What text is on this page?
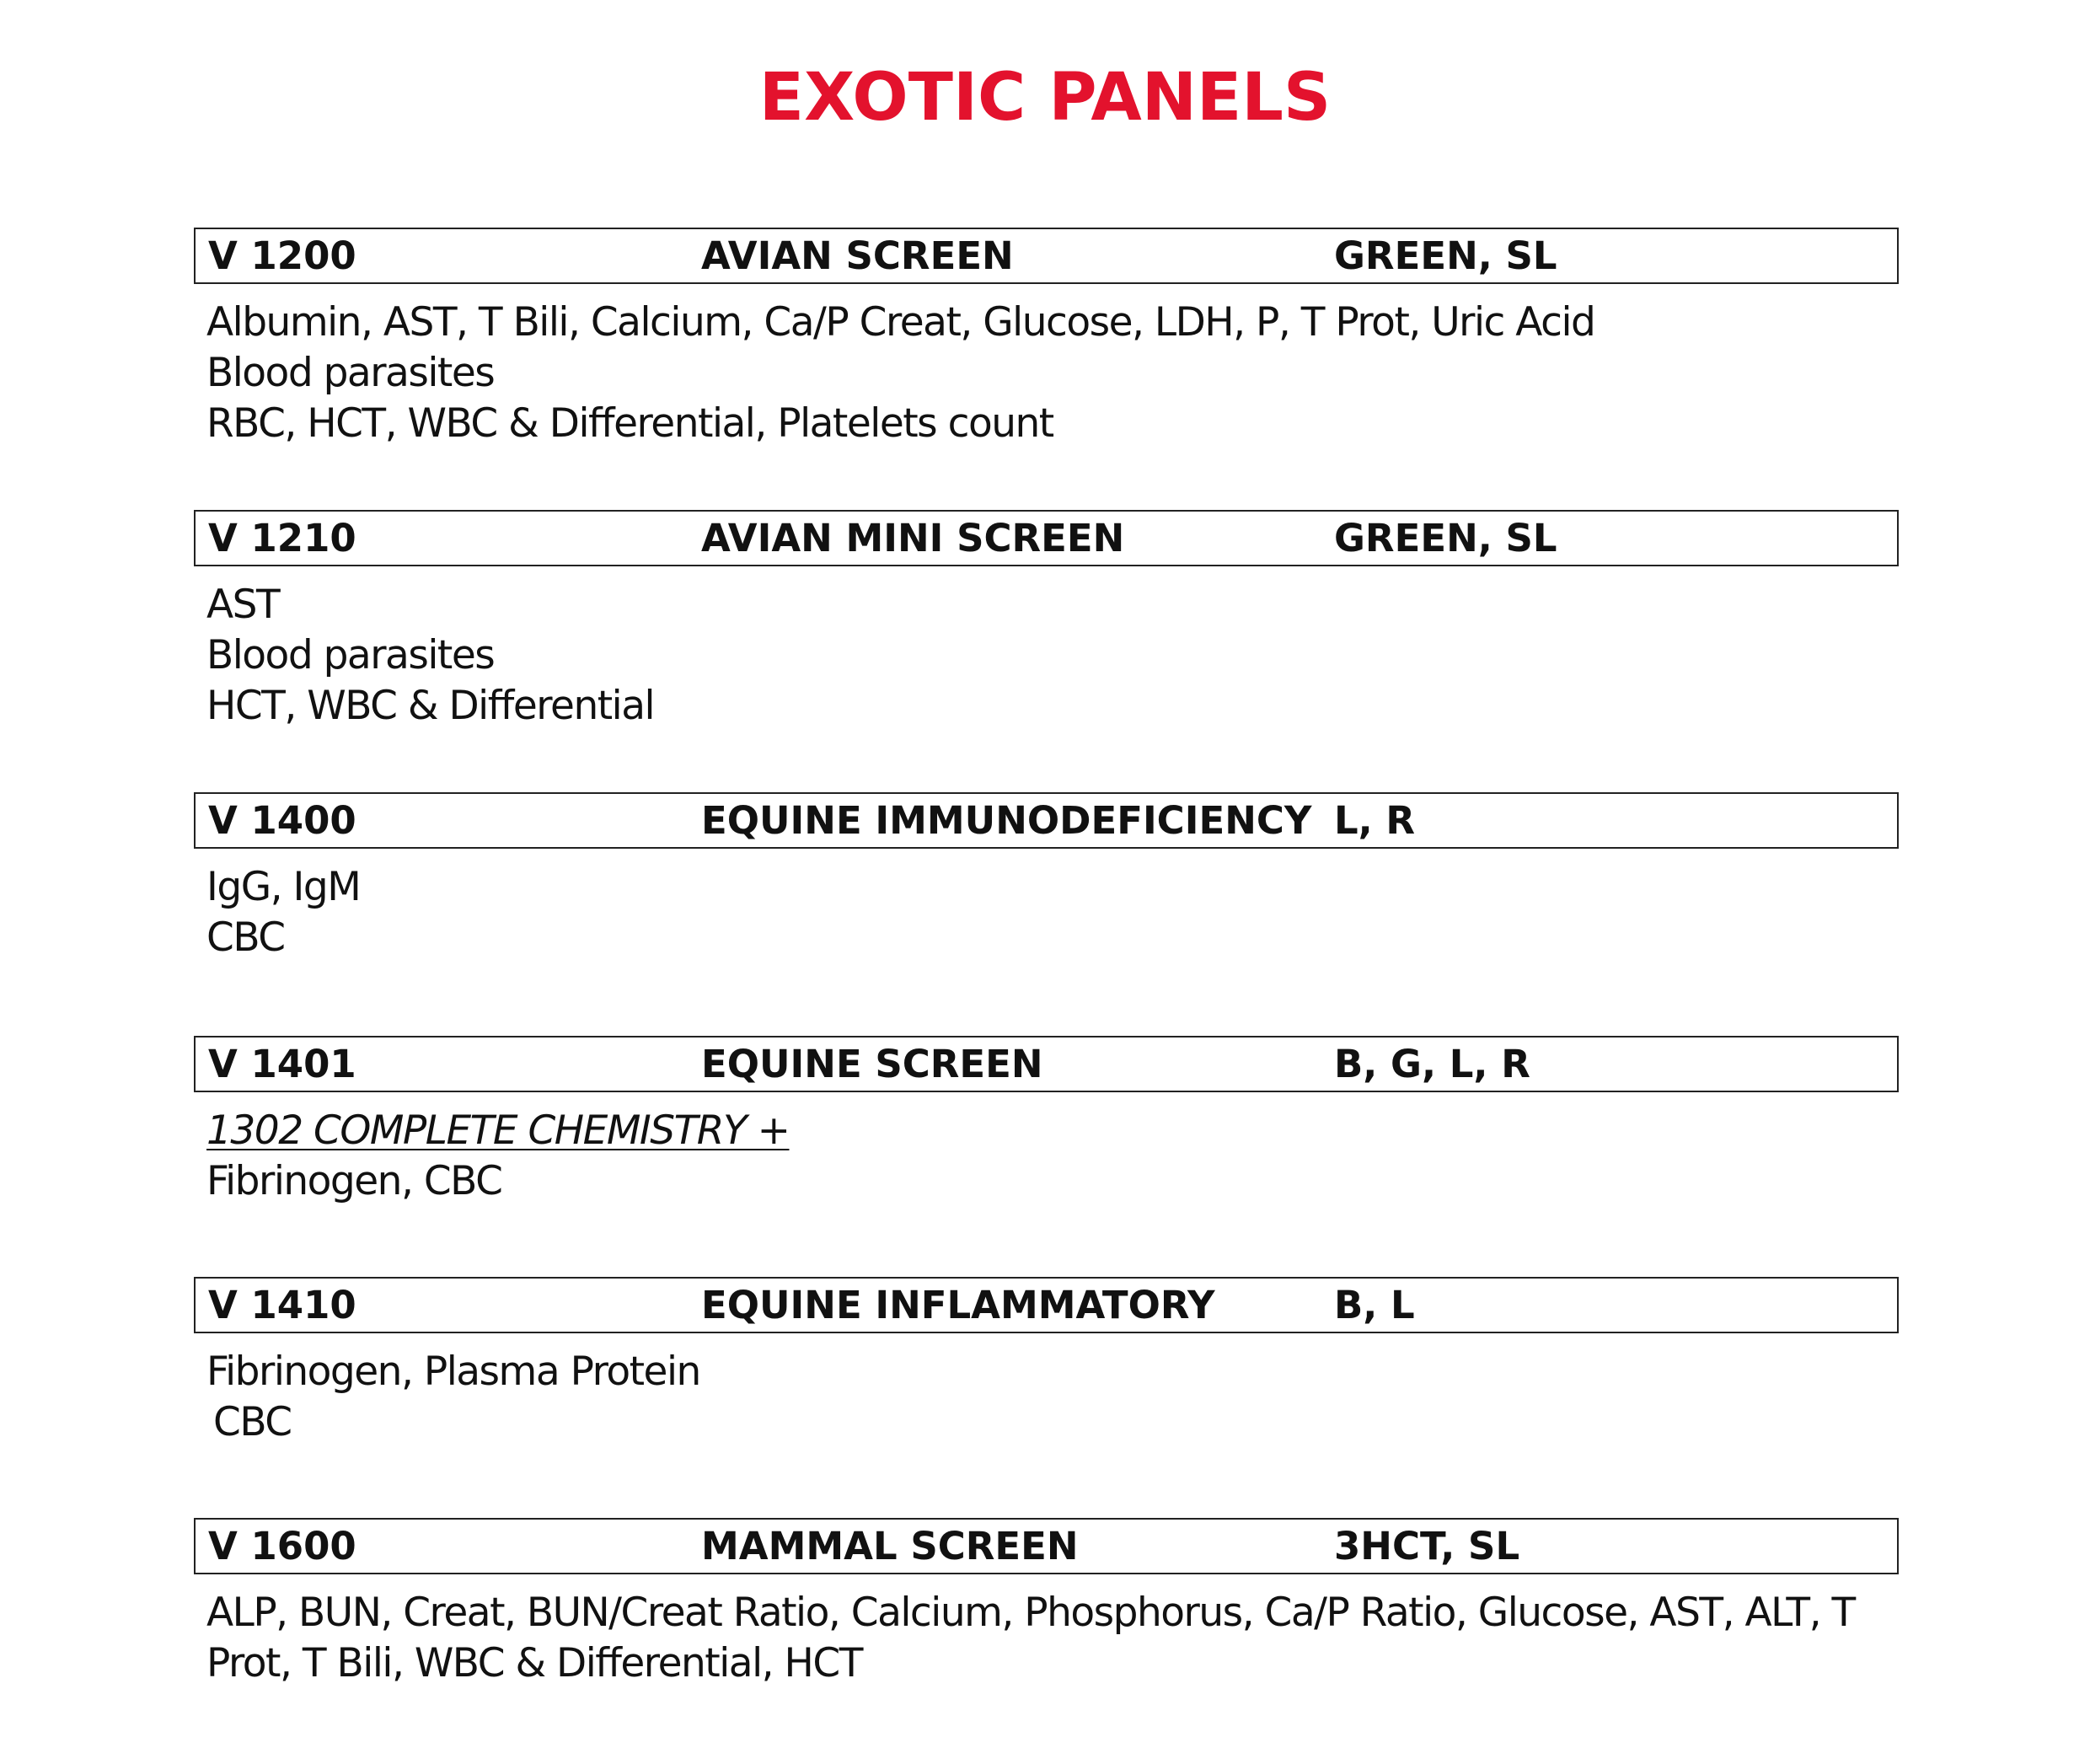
EXOTIC PANELS
V 1200	AVIAN SCREEN	GREEN, SL
Albumin, AST, T Bili, Calcium, Ca/P Creat, Glucose, LDH, P, T Prot, Uric Acid
Blood parasites
RBC, HCT, WBC & Differential, Platelets count
V 1210	AVIAN MINI SCREEN	GREEN, SL
AST
Blood parasites
HCT, WBC & Differential
V 1400	EQUINE IMMUNODEFICIENCY L, R
IgG, IgM
CBC
V 1401	EQUINE SCREEN	B, G, L, R
1302 COMPLETE CHEMISTRY +
Fibrinogen, CBC
V 1410	EQUINE INFLAMMATORY	B, L
Fibrinogen, Plasma Protein
CBC
V 1600	MAMMAL SCREEN	3HCT, SL
ALP, BUN, Creat, BUN/Creat Ratio, Calcium, Phosphorus, Ca/P Ratio, Glucose, AST, ALT, T Prot, T Bili, WBC & Differential, HCT
